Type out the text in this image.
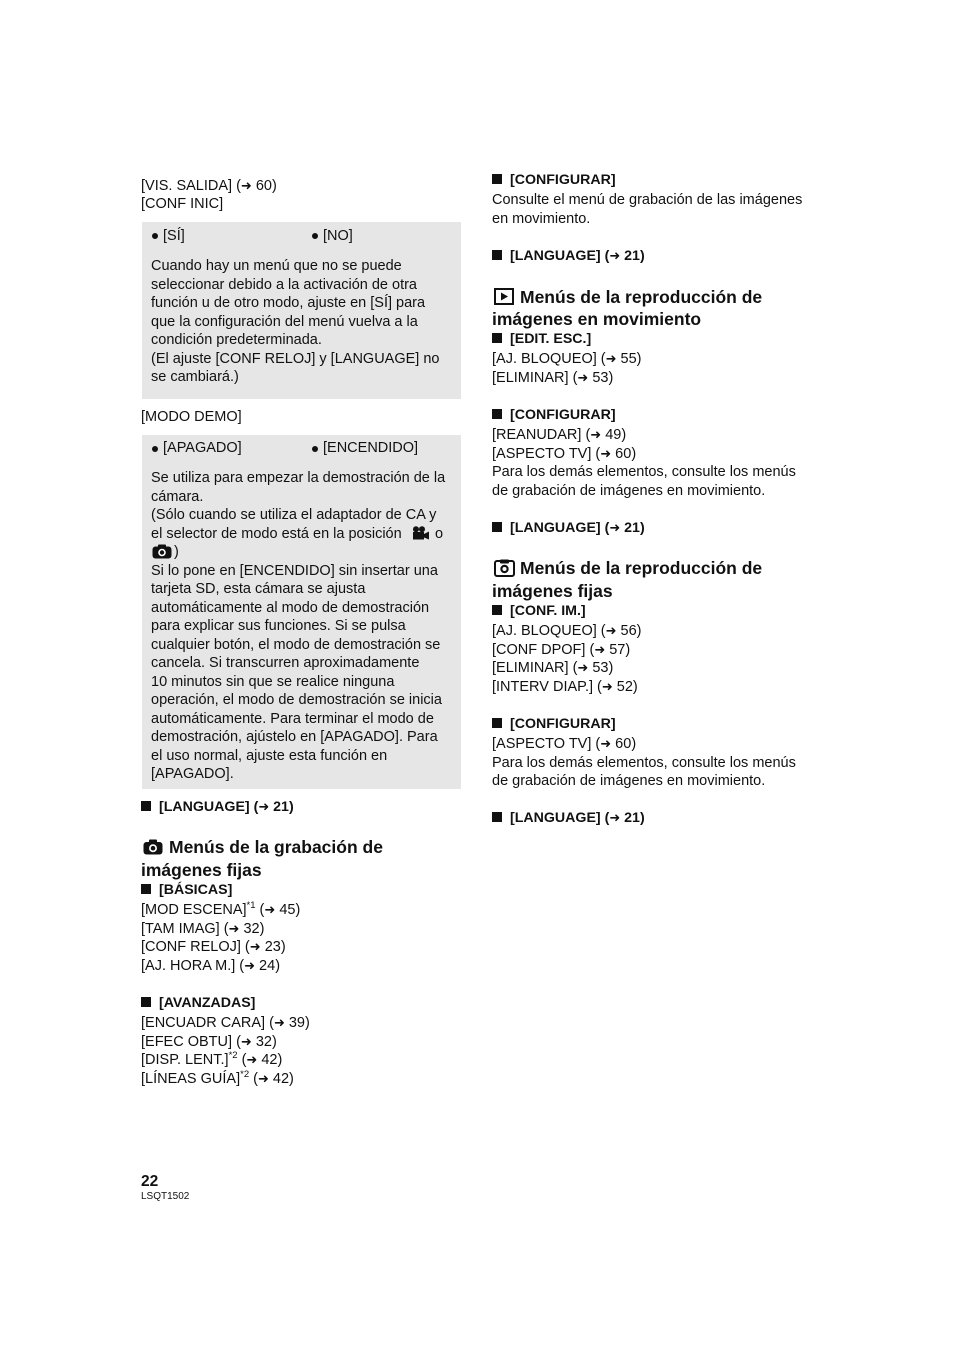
[VIS. SALIDA] (➜ 60)
[CONF INIC]
[SÍ]	[NO]
Cuando hay un menú que no se puede
seleccionar debido a la activación de otra
función u de otro modo, ajuste en [SÍ] para
que la configuración del menú vuelva a la
condición predeterminada.
(El ajuste [CONF RELOJ] y [LANGUAGE] no
se cambiará.)
[MODO DEMO]
[APAGADO]	[ENCENDIDO]
Se utiliza para empezar la demostración de la
cámara.
(Sólo cuando se utiliza el adaptador de CA y
el selector de modo está en la posición o
)
Si lo pone en [ENCENDIDO] sin insertar una
tarjeta SD, esta cámara se ajusta
automáticamente al modo de demostración
para explicar sus funciones. Si se pulsa
cualquier botón, el modo de demostración se
cancela. Si transcurren aproximadamente
10 minutos sin que se realice ninguna
operación, el modo de demostración se inicia
automáticamente. Para terminar el modo de
demostración, ajústelo en [APAGADO]. Para
el uso normal, ajuste esta función en
[APAGADO].
[LANGUAGE] (➜ 21)
Menús de la grabación de
imágenes fijas
[BÁSICAS]
[MOD ESCENA]$^{*1}$ (➜ 45)
[TAM IMAG] (➜ 32)
[CONF RELOJ] (➜ 23)
[AJ. HORA M.] (➜ 24)
[AVANZADAS]
[ENCUADR CARA] (➜ 39)
[EFEC OBTU] (➜ 32)
[DISP. LENT.]$^{*2}$ (➜ 42)
[LÍNEAS GUÍA]$^{*2}$ (➜ 42)
22
LSQT1502
[CONFIGURAR]
Consulte el menú de grabación de las imágenes
en movimiento.
[LANGUAGE] (➜ 21)
Menús de la reproducción de
imágenes en movimiento
[EDIT. ESC.]
[AJ. BLOQUEO] (➜ 55)
[ELIMINAR] (➜ 53)
[CONFIGURAR]
[REANUDAR] (➜ 49)
[ASPECTO TV] (➜ 60)
Para los demás elementos, consulte los menús
de grabación de imágenes en movimiento.
[LANGUAGE] (➜ 21)
Menús de la reproducción de
imágenes fijas
[CONF. IM.]
[AJ. BLOQUEO] (➜ 56)
[CONF DPOF] (➜ 57)
[ELIMINAR] (➜ 53)
[INTERV DIAP.] (➜ 52)
[CONFIGURAR]
[ASPECTO TV] (➜ 60)
Para los demás elementos, consulte los menús
de grabación de imágenes en movimiento.
[LANGUAGE] (➜ 21)
